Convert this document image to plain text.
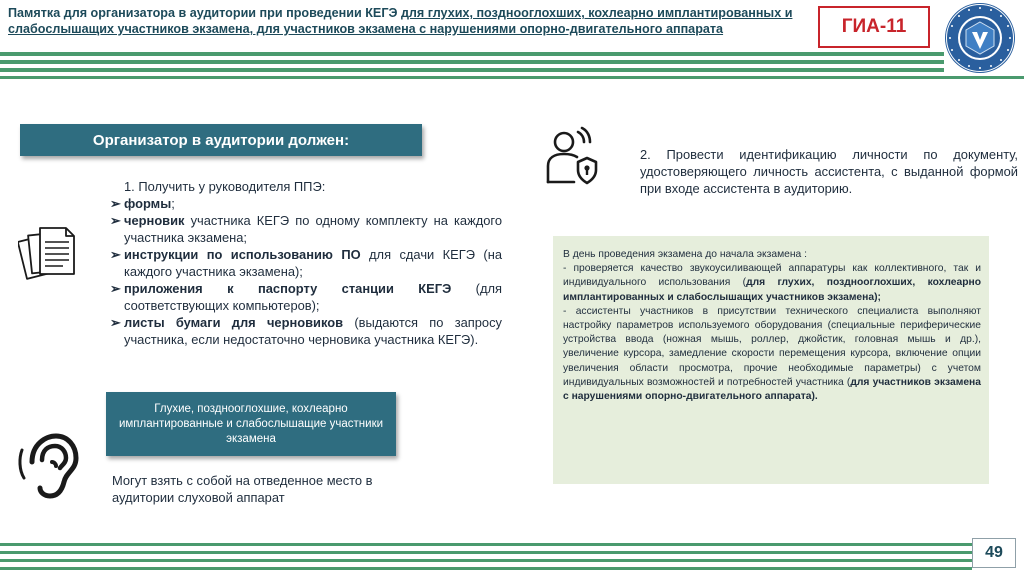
Памятка для организатора в аудитории при проведении КЕГЭ для глухих, позднооглохших, кохлеарно имплантированных и слабослышащих участников экзамена, для участников экзамена с нарушениями опорно-двигательного аппарата	ГИА-11
49
Организатор в аудитории должен:
1. Получить у руководителя ППЭ:
➢ формы;
➢ черновик участника КЕГЭ по одному комплекту на каждого участника экзамена;
➢ инструкции по использованию ПО для сдачи КЕГЭ (на каждого участника экзамена);
➢ приложения к паспорту станции КЕГЭ (для соответствующих компьютеров);
➢ листы бумаги для черновиков (выдаются по запросу участника, если недостаточно черновика участника КЕГЭ).
Глухие, позднооглохшие, кохлеарно имплантированные и слабослышащие участники экзамена
Могут взять с собой на отведенное место в аудитории слуховой аппарат
2. Провести идентификацию личности по документу, удостоверяющего личность ассистента, с выданной формой при входе ассистента в аудиторию.

В день проведения экзамена до начала экзамена :

- проверяется качество звукоусиливающей аппаратуры как коллективного, так и индивидуального использования (для глухих, позднооглохших, кохлеарно имплантированных и слабослышащих участников экзамена);

- ассистенты участников в присутствии технического специалиста выполняют настройку параметров используемого оборудования (специальные периферические устройства ввода (ножная мышь, роллер, джойстик, головная мышь и др.), увеличение курсора, замедление скорости перемещения курсора, включение опции увеличения области просмотра, прочие необходимые параметры) с учетом индивидуальных возможностей и потребностей участника (для участников экзамена с нарушениями опорно-двигательного аппарата).
